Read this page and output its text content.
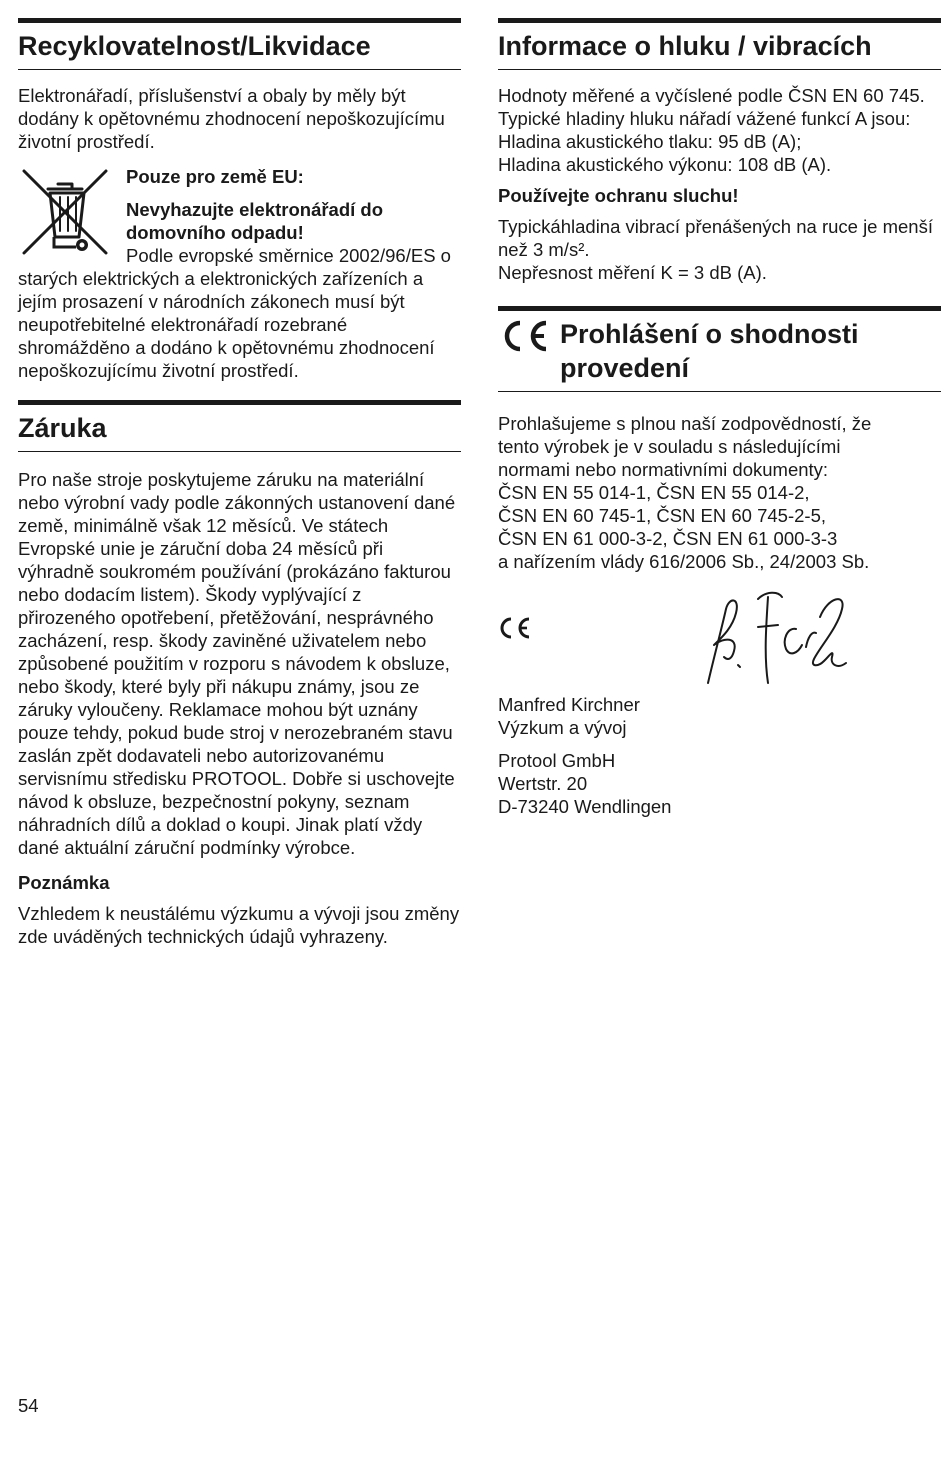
Recyklovatelnost/Likvidace

Elektronářadí, příslušenství a obaly by měly být dodány k opětovnému zhodnocení nepoškozujícímu životní prostředí.

Pouze pro země EU:

Nevyhazujte elektronářadí do domovního odpadu!

Podle evropské směrnice 2002/96/ES o starých elektrických a elektronických zařízeních a jejím prosazení v národních zákonech musí být neupotřebitelné elektronářadí rozebrané shromážděno a dodáno k opětovnému zhodnocení nepoškozujícímu životní prostředí.

Záruka

Pro naše stroje poskytujeme záruku na materiální nebo výrobní vady podle zákonných ustanovení dané země, minimálně však 12 měsíců. Ve státech Evropské unie je záruční doba 24 měsíců při výhradně soukromém používání (prokázáno fakturou nebo dodacím listem). Škody vyplývající z přirozeného opotřebení, přetěžování, nesprávného zacházení, resp. škody zaviněné uživatelem nebo způsobené použitím v rozporu s návodem k obsluze, nebo škody, které byly při nákupu známy, jsou ze záruky vyloučeny. Reklamace mohou být uznány pouze tehdy, pokud bude stroj v nerozebraném stavu zaslán zpět dodavateli nebo autorizovanému servisnímu středisku PROTOOL. Dobře si uschovejte návod k obsluze, bezpečnostní pokyny, seznam náhradních dílů a doklad o koupi. Jinak platí vždy dané aktuální záruční podmínky výrobce.

Poznámka

Vzhledem k neustálému výzkumu a vývoji jsou změny zde uváděných technických údajů vyhrazeny.

Informace o hluku / vibracích

Hodnoty měřené a vyčíslené podle ČSN EN 60 745. Typické hladiny hluku nářadí vážené funkcí A jsou:

Hladina akustického tlaku: 95 dB (A);

Hladina akustického výkonu: 108 dB (A).

Používejte ochranu sluchu!

Typickáhladina vibrací přenášených na ruce je menší než 3 m/s².

Nepřesnost měření K = 3 dB (A).

Prohlášení o shodnosti provedení

Prohlašujeme s plnou naší zodpovědností, že

tento výrobek je v souladu s následujícími

normami nebo normativními dokumenty:

ČSN EN 55 014-1, ČSN EN 55 014-2,

ČSN EN 60 745-1, ČSN EN 60 745-2-5,

ČSN EN 61 000-3-2, ČSN EN 61 000-3-3

a nařízením vlády 616/2006 Sb., 24/2003 Sb.

Manfred Kirchner

Výzkum a vývoj

Protool GmbH

Wertstr. 20

D-73240 Wendlingen

54
